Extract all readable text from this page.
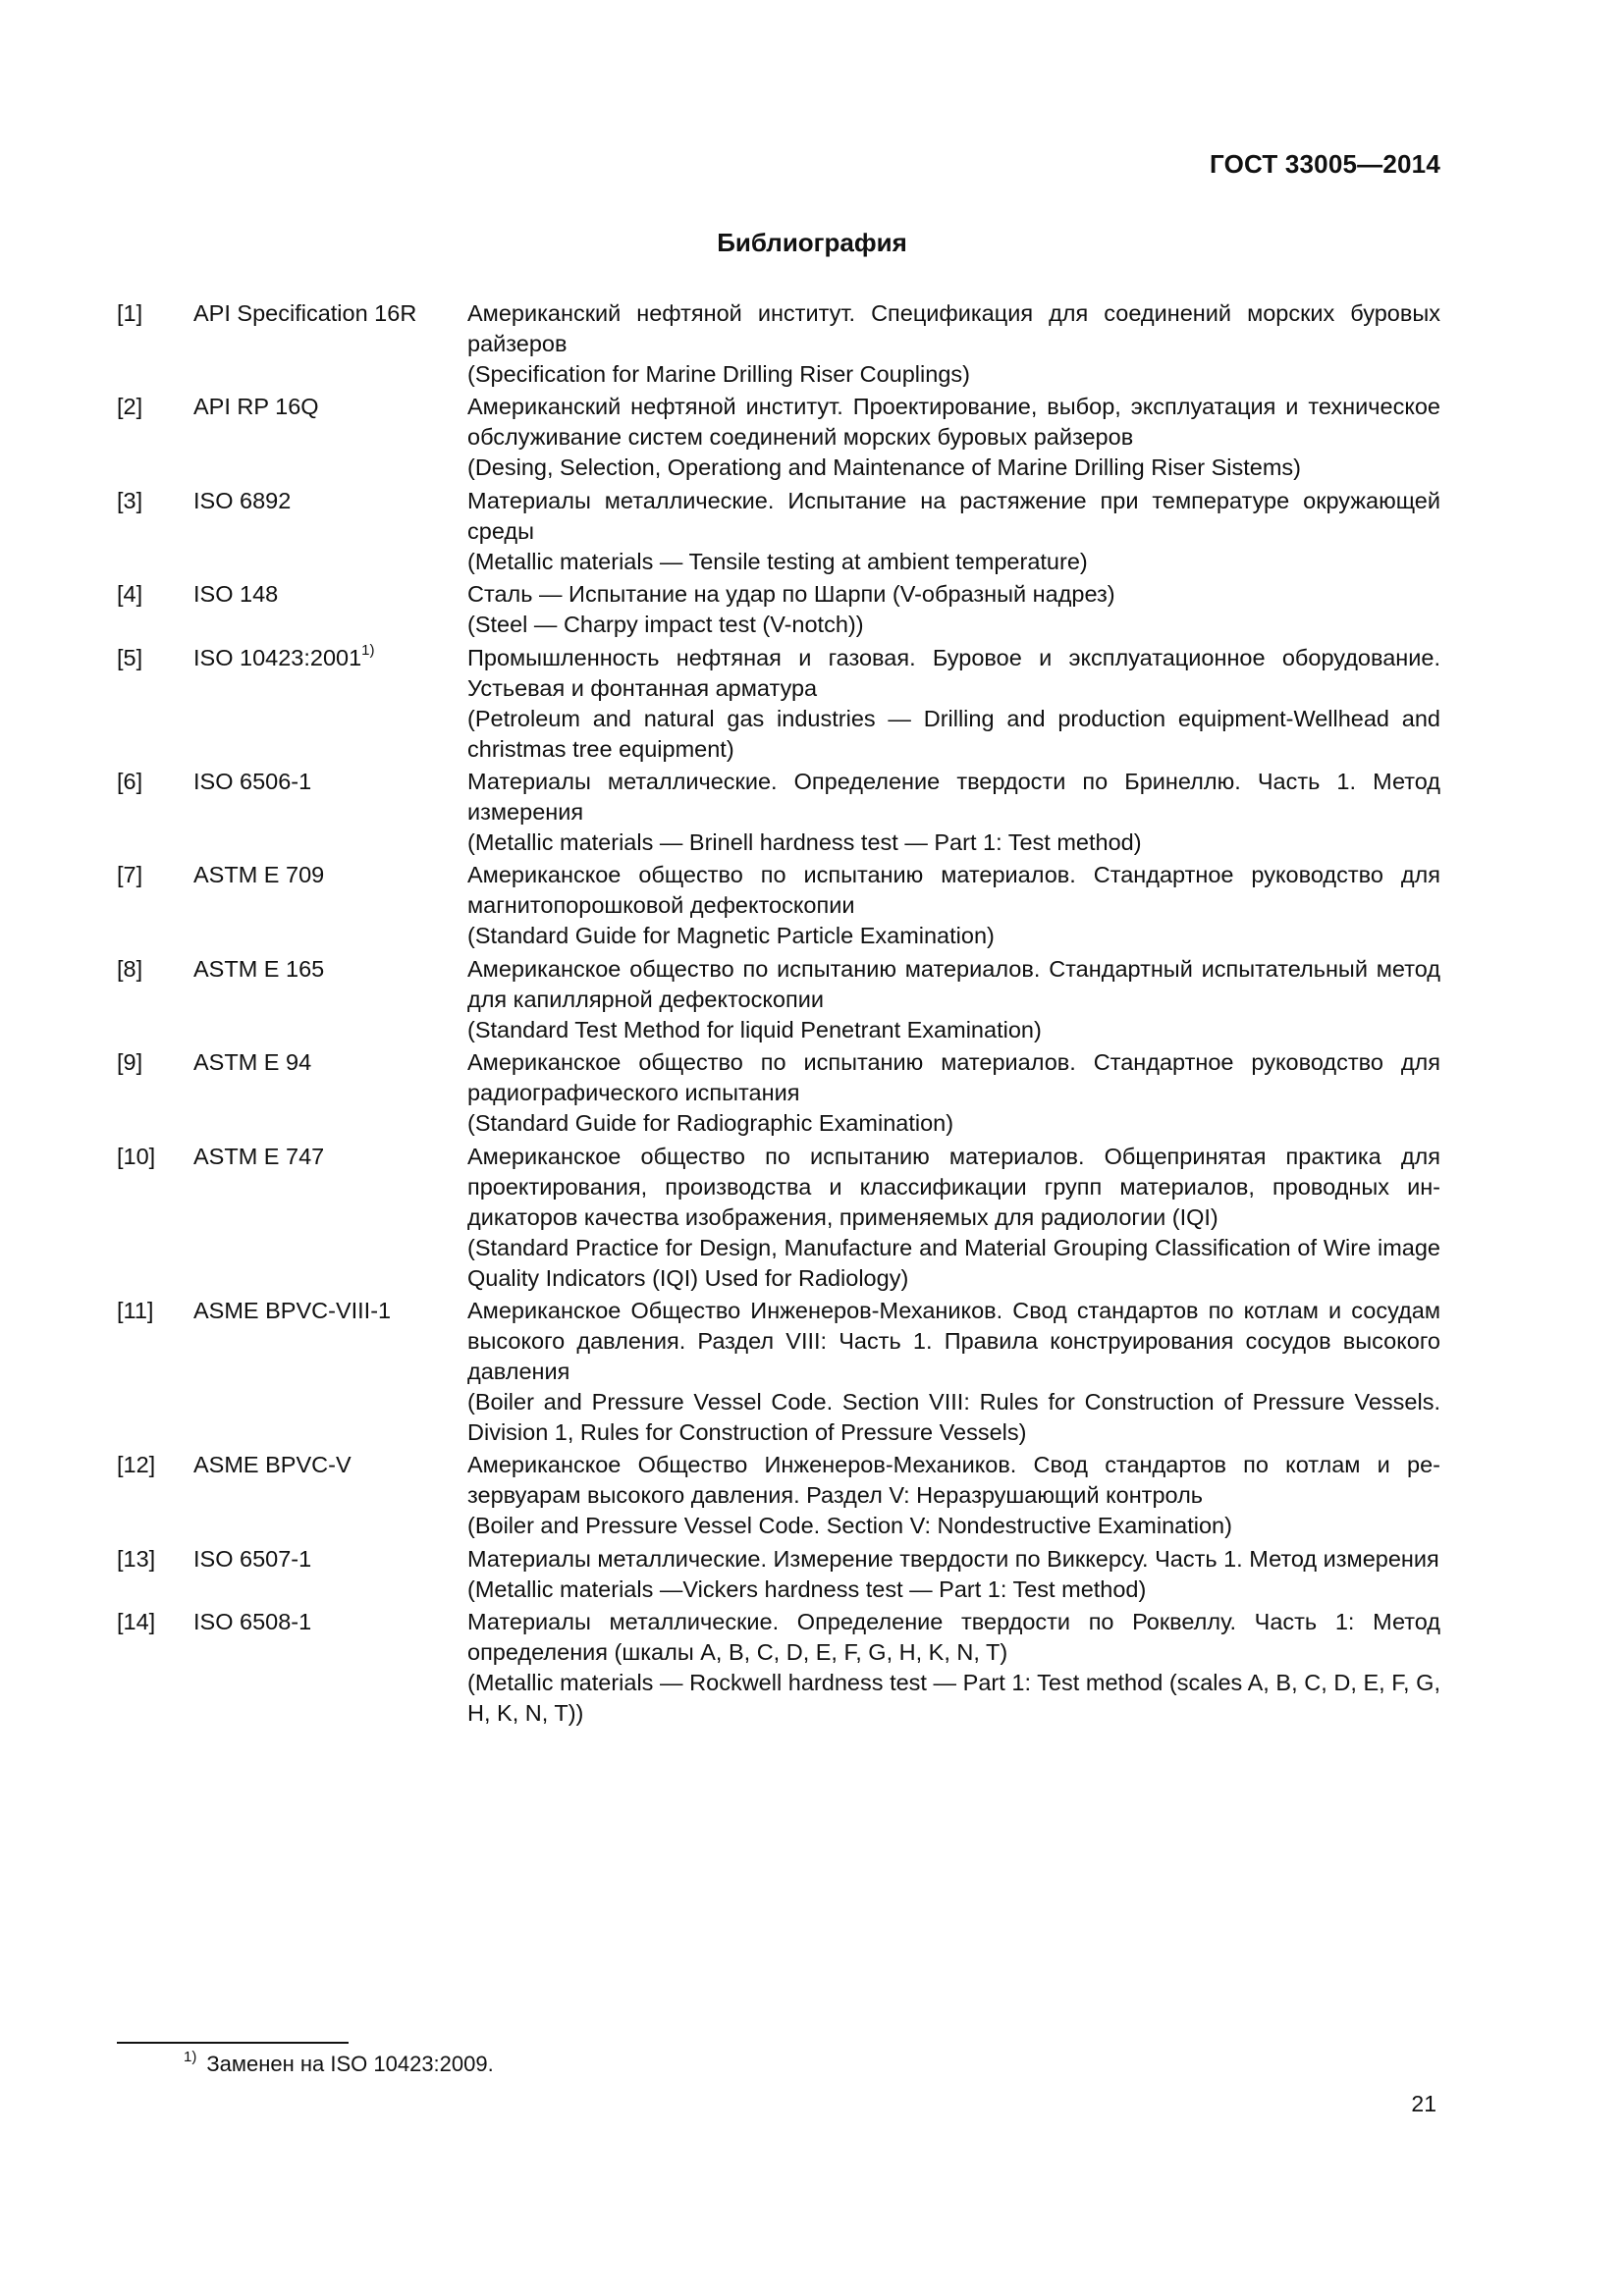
ГОСТ 33005—2014
Библиография
[1]	API Specification 16R	Американский нефтяной институт. Спецификация для соединений морских буровых райзеров
(Specification for Marine Drilling Riser Couplings)
[2]	API RP 16Q	Американский нефтяной институт. Проектирование, выбор, эксплуатация и техническое обслуживание систем соединений морских буровых райзеров
(Desing, Selection, Operationg and Maintenance of Marine Drilling Riser Sistems)
[3]	ISO 6892	Материалы металлические. Испытание на растяжение при температуре окружающей среды
(Metallic materials — Tensile testing at ambient temperature)
[4]	ISO 148	Сталь — Испытание на удар по Шарпи (V-образный надрез)
(Steel — Charpy impact test (V-notch))
[5]	ISO 10423:2001$^{1)}$	Промышленность нефтяная и газовая. Буровое и эксплуатационное оборудование. Устьевая и фонтанная арматура
(Petroleum and natural gas industries — Drilling and production equipment-Wellhead and christmas tree equipment)
[6]	ISO 6506-1	Материалы металлические. Определение твердости по Бринеллю. Часть 1. Метод измерения
(Metallic materials — Brinell hardness test — Part 1: Test method)
[7]	ASTM E 709	Американское общество по испытанию материалов. Стандартное руководство для магнитопорошковой дефектоскопии
(Standard Guide for Magnetic Particle Examination)
[8]	ASTM E 165	Американское общество по испытанию материалов. Стандартный испытательный метод для капиллярной дефектоскопии
(Standard Test Method for liquid Penetrant Examination)
[9]	ASTM E 94	Американское общество по испытанию материалов. Стандартное руководство для радиографического испытания
(Standard Guide for Radiographic Examination)
[10]	ASTM E 747	Американское общество по испытанию материалов. Общепринятая практика для проектирования, производства и классификации групп материалов, проводных индикаторов качества изображения, применяемых для радиологии (IQI)
(Standard Practice for Design, Manufacture and Material Grouping Classification of Wire image Quality Indicators (IQI) Used for Radiology)
[11]	ASME BPVC-VIII-1	Американское Общество Инженеров-Механиков. Свод стандартов по котлам и сосудам высокого давления. Раздел VIII: Часть 1. Правила конструирования сосудов высокого давления
(Boiler and Pressure Vessel Code. Section VIII: Rules for Construction of Pressure Vessels. Division 1, Rules for Construction of Pressure Vessels)
[12]	ASME BPVC-V	Американское Общество Инженеров-Механиков. Свод стандартов по котлам и резервуарам высокого давления. Раздел V: Неразрушающий контроль
(Boiler and Pressure Vessel Code. Section V: Nondestructive Examination)
[13]	ISO 6507-1	Материалы металлические. Измерение твердости по Виккерсу. Часть 1. Метод измерения
(Metallic materials —Vickers hardness test — Part 1: Test method)
[14]	ISO 6508-1	Материалы металлические. Определение твердости по Роквеллу. Часть 1: Метод определения (шкалы A, B, C, D, E, F, G, H, K, N, T)
(Metallic materials — Rockwell hardness test — Part 1: Test method (scales A, B, C, D, E, F, G, H, K, N, T))
$^{1)}$ Заменен на ISO 10423:2009.
21
